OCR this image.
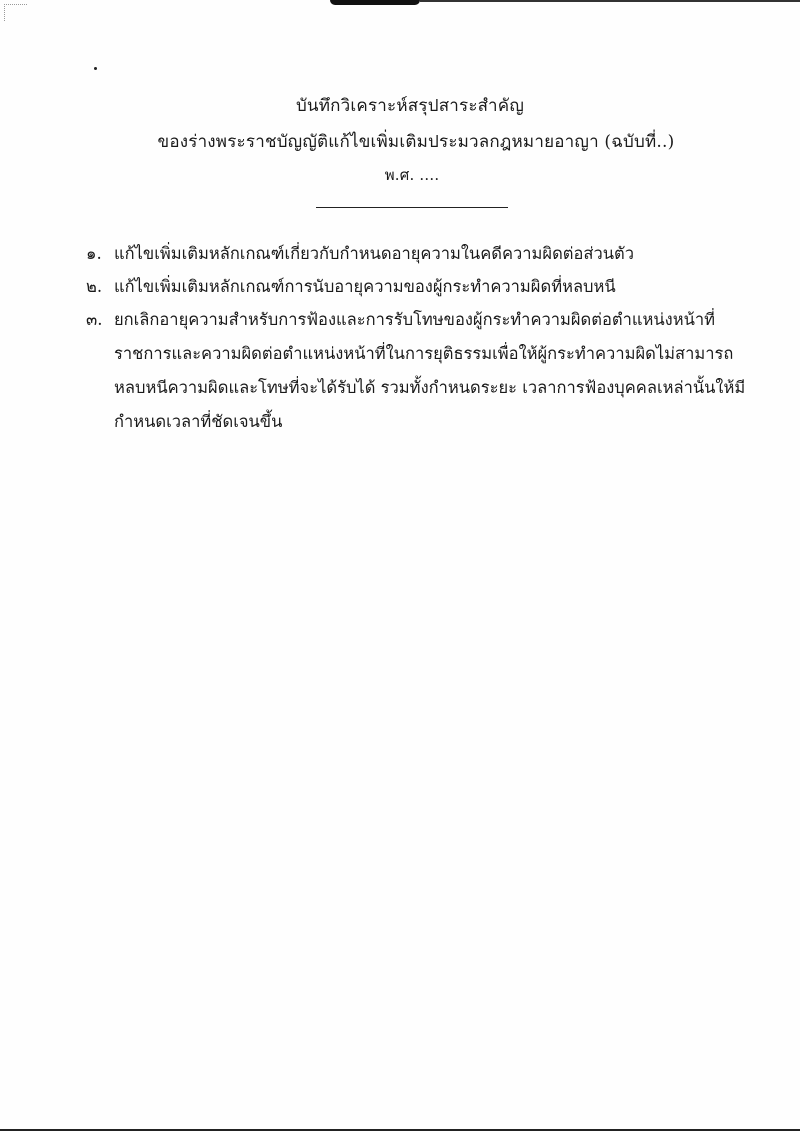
บันทึกวิเคราะห์สรุปสาระสำคัญ
ของร่างพระราชบัญญัติแก้ไขเพิ่มเติมประมวลกฎหมายอาญา (ฉบับที่..)
พ.ศ. ....
๑. แก้ไขเพิ่มเติมหลักเกณฑ์เกี่ยวกับกำหนดอายุความในคดีความผิดต่อส่วนตัว
๒. แก้ไขเพิ่มเติมหลักเกณฑ์การนับอายุความของผู้กระทำความผิดที่หลบหนี
๓. ยกเลิกอายุความสำหรับการฟ้องและการรับโทษของผู้กระทำความผิดต่อตำแหน่งหน้าที่
ราชการและความผิดต่อตำแหน่งหน้าที่ในการยุติธรรมเพื่อให้ผู้กระทำความผิดไม่สามารถ
หลบหนีความผิดและโทษที่จะได้รับได้ รวมทั้งกำหนดระยะ เวลาการฟ้องบุคคลเหล่านั้นให้มี
กำหนดเวลาที่ชัดเจนขึ้น
